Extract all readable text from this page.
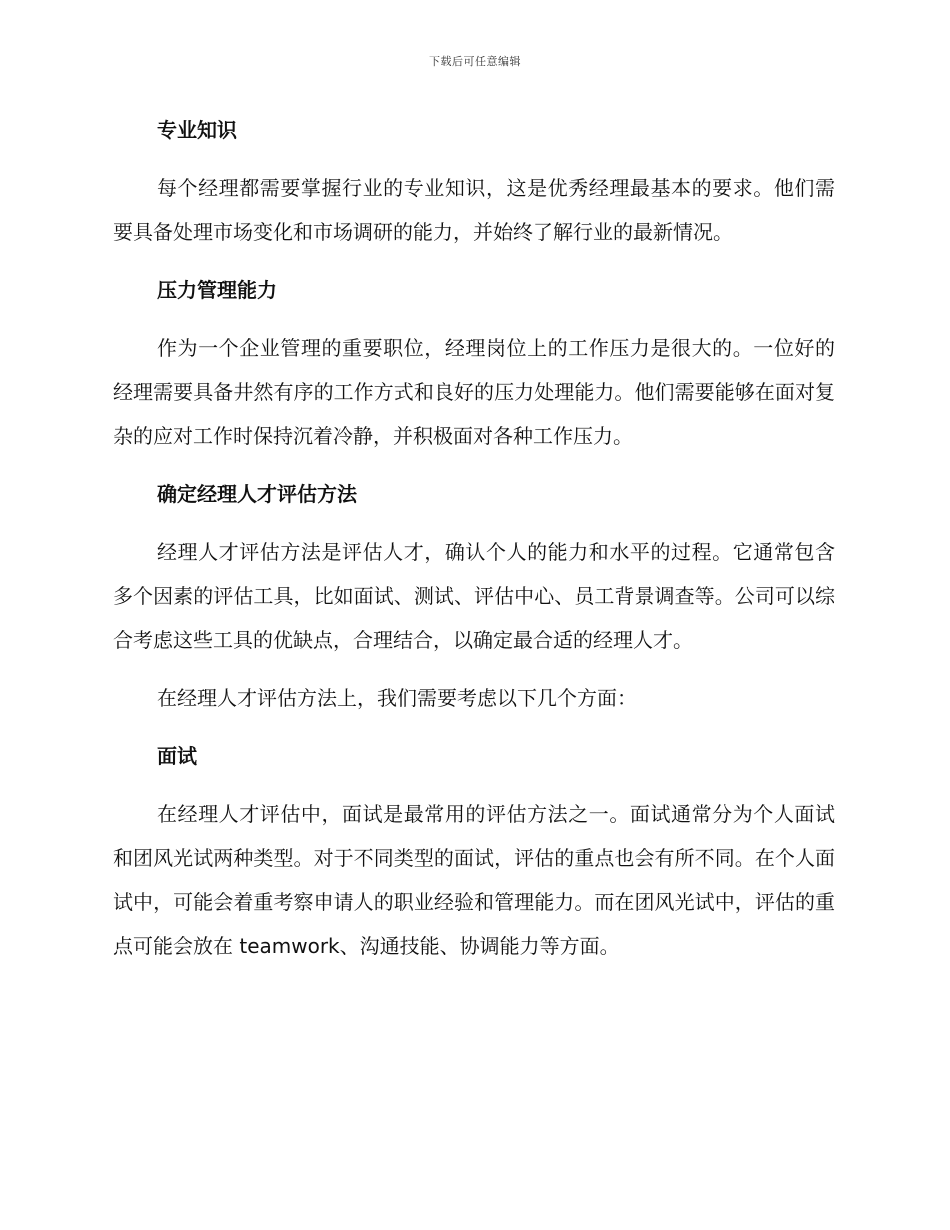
下载后可任意编辑
专业知识
每个经理都需要掌握行业的专业知识，这是优秀经理最基本的要求。他们需要具备处理市场变化和市场调研的能力，并始终了解行业的最新情况。
压力管理能力
作为一个企业管理的重要职位，经理岗位上的工作压力是很大的。一位好的经理需要具备井然有序的工作方式和良好的压力处理能力。他们需要能够在面对复杂的应对工作时保持沉着冷静，并积极面对各种工作压力。
确定经理人才评估方法
经理人才评估方法是评估人才，确认个人的能力和水平的过程。它通常包含多个因素的评估工具，比如面试、测试、评估中心、员工背景调查等。公司可以综合考虑这些工具的优缺点，合理结合，以确定最合适的经理人才。
在经理人才评估方法上，我们需要考虑以下几个方面：
面试
在经理人才评估中，面试是最常用的评估方法之一。面试通常分为个人面试和团风光试两种类型。对于不同类型的面试，评估的重点也会有所不同。在个人面试中，可能会着重考察申请人的职业经验和管理能力。而在团风光试中，评估的重点可能会放在 teamwork、沟通技能、协调能力等方面。
